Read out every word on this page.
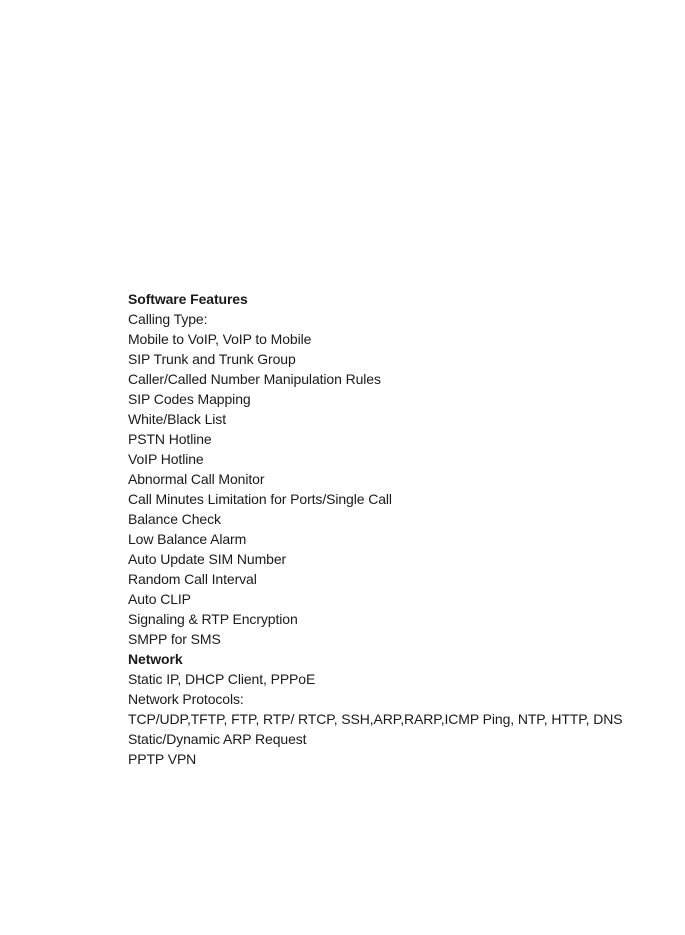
Software Features
Calling Type:
Mobile to VoIP, VoIP to Mobile
SIP Trunk and Trunk Group
Caller/Called Number Manipulation Rules
SIP Codes Mapping
White/Black List
PSTN Hotline
VoIP Hotline
Abnormal Call Monitor
Call Minutes Limitation for Ports/Single Call
Balance Check
Low Balance Alarm
Auto Update SIM Number
Random Call Interval
Auto CLIP
Signaling & RTP Encryption
SMPP for SMS
Network
Static IP, DHCP Client, PPPoE
Network Protocols:
TCP/UDP,TFTP, FTP, RTP/ RTCP, SSH,ARP,RARP,ICMP Ping, NTP, HTTP, DNS
Static/Dynamic ARP Request
PPTP VPN
